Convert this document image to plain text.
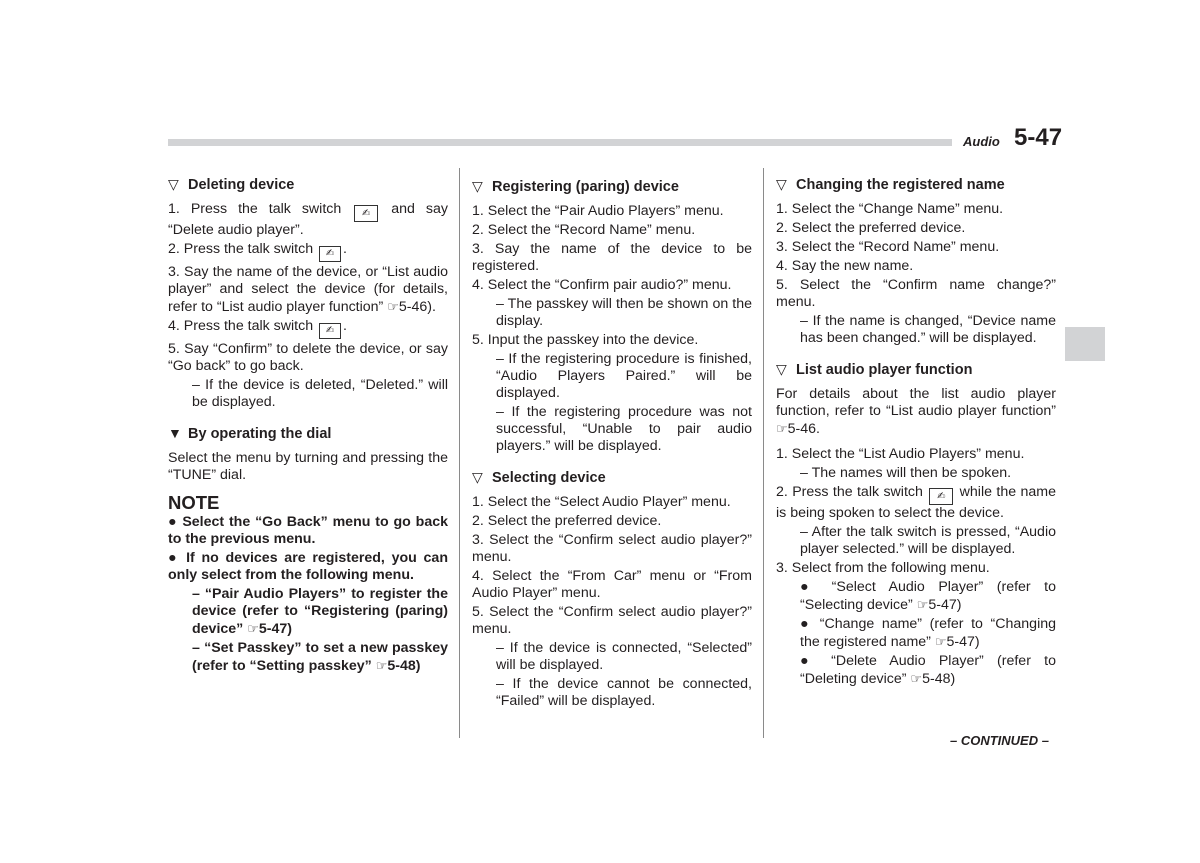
Audio 5-47

▽ Deleting device

1. Press the talk switch ✍ and say “Delete audio player”.

2. Press the talk switch ✍ .

3. Say the name of the device, or “List audio player” and select the device (for details, refer to “List audio player function” ☞5-46).

4. Press the talk switch ✍ .

5. Say “Confirm” to delete the device, or say “Go back” to go back.

– If the device is deleted, “Deleted.” will be displayed.

▼ By operating the dial

Select the menu by turning and pressing the “TUNE” dial.

NOTE

● Select the “Go Back” menu to go back to the previous menu.

● If no devices are registered, you can only select from the following menu.

– “Pair Audio Players” to register the device (refer to “Registering (paring) device” ☞5-47)

– “Set Passkey” to set a new passkey (refer to “Setting passkey” ☞5-48)

▽ Registering (paring) device

1. Select the “Pair Audio Players” menu.

2. Select the “Record Name” menu.

3. Say the name of the device to be registered.

4. Select the “Confirm pair audio?” menu.

– The passkey will then be shown on the display.

5. Input the passkey into the device.

– If the registering procedure is finished, “Audio Players Paired.” will be displayed.

– If the registering procedure was not successful, “Unable to pair audio players.” will be displayed.

▽ Selecting device

1. Select the “Select Audio Player” menu.

2. Select the preferred device.

3. Select the “Confirm select audio player?” menu.

4. Select the “From Car” menu or “From Audio Player” menu.

5. Select the “Confirm select audio player?” menu.

– If the device is connected, “Selected” will be displayed.

– If the device cannot be connected, “Failed” will be displayed.

▽ Changing the registered name

1. Select the “Change Name” menu.

2. Select the preferred device.

3. Select the “Record Name” menu.

4. Say the new name.

5. Select the “Confirm name change?” menu.

– If the name is changed, “Device name has been changed.” will be displayed.

▽ List audio player function

For details about the list audio player function, refer to “List audio player function” ☞5-46.

1. Select the “List Audio Players” menu.

– The names will then be spoken.

2. Press the talk switch ✍ while the name is being spoken to select the device.

– After the talk switch is pressed, “Audio player selected.” will be displayed.

3. Select from the following menu.

● “Select Audio Player” (refer to “Selecting device” ☞5-47)

● “Change name” (refer to “Changing the registered name” ☞5-47)

● “Delete Audio Player” (refer to “Deleting device” ☞5-48)

– CONTINUED –
